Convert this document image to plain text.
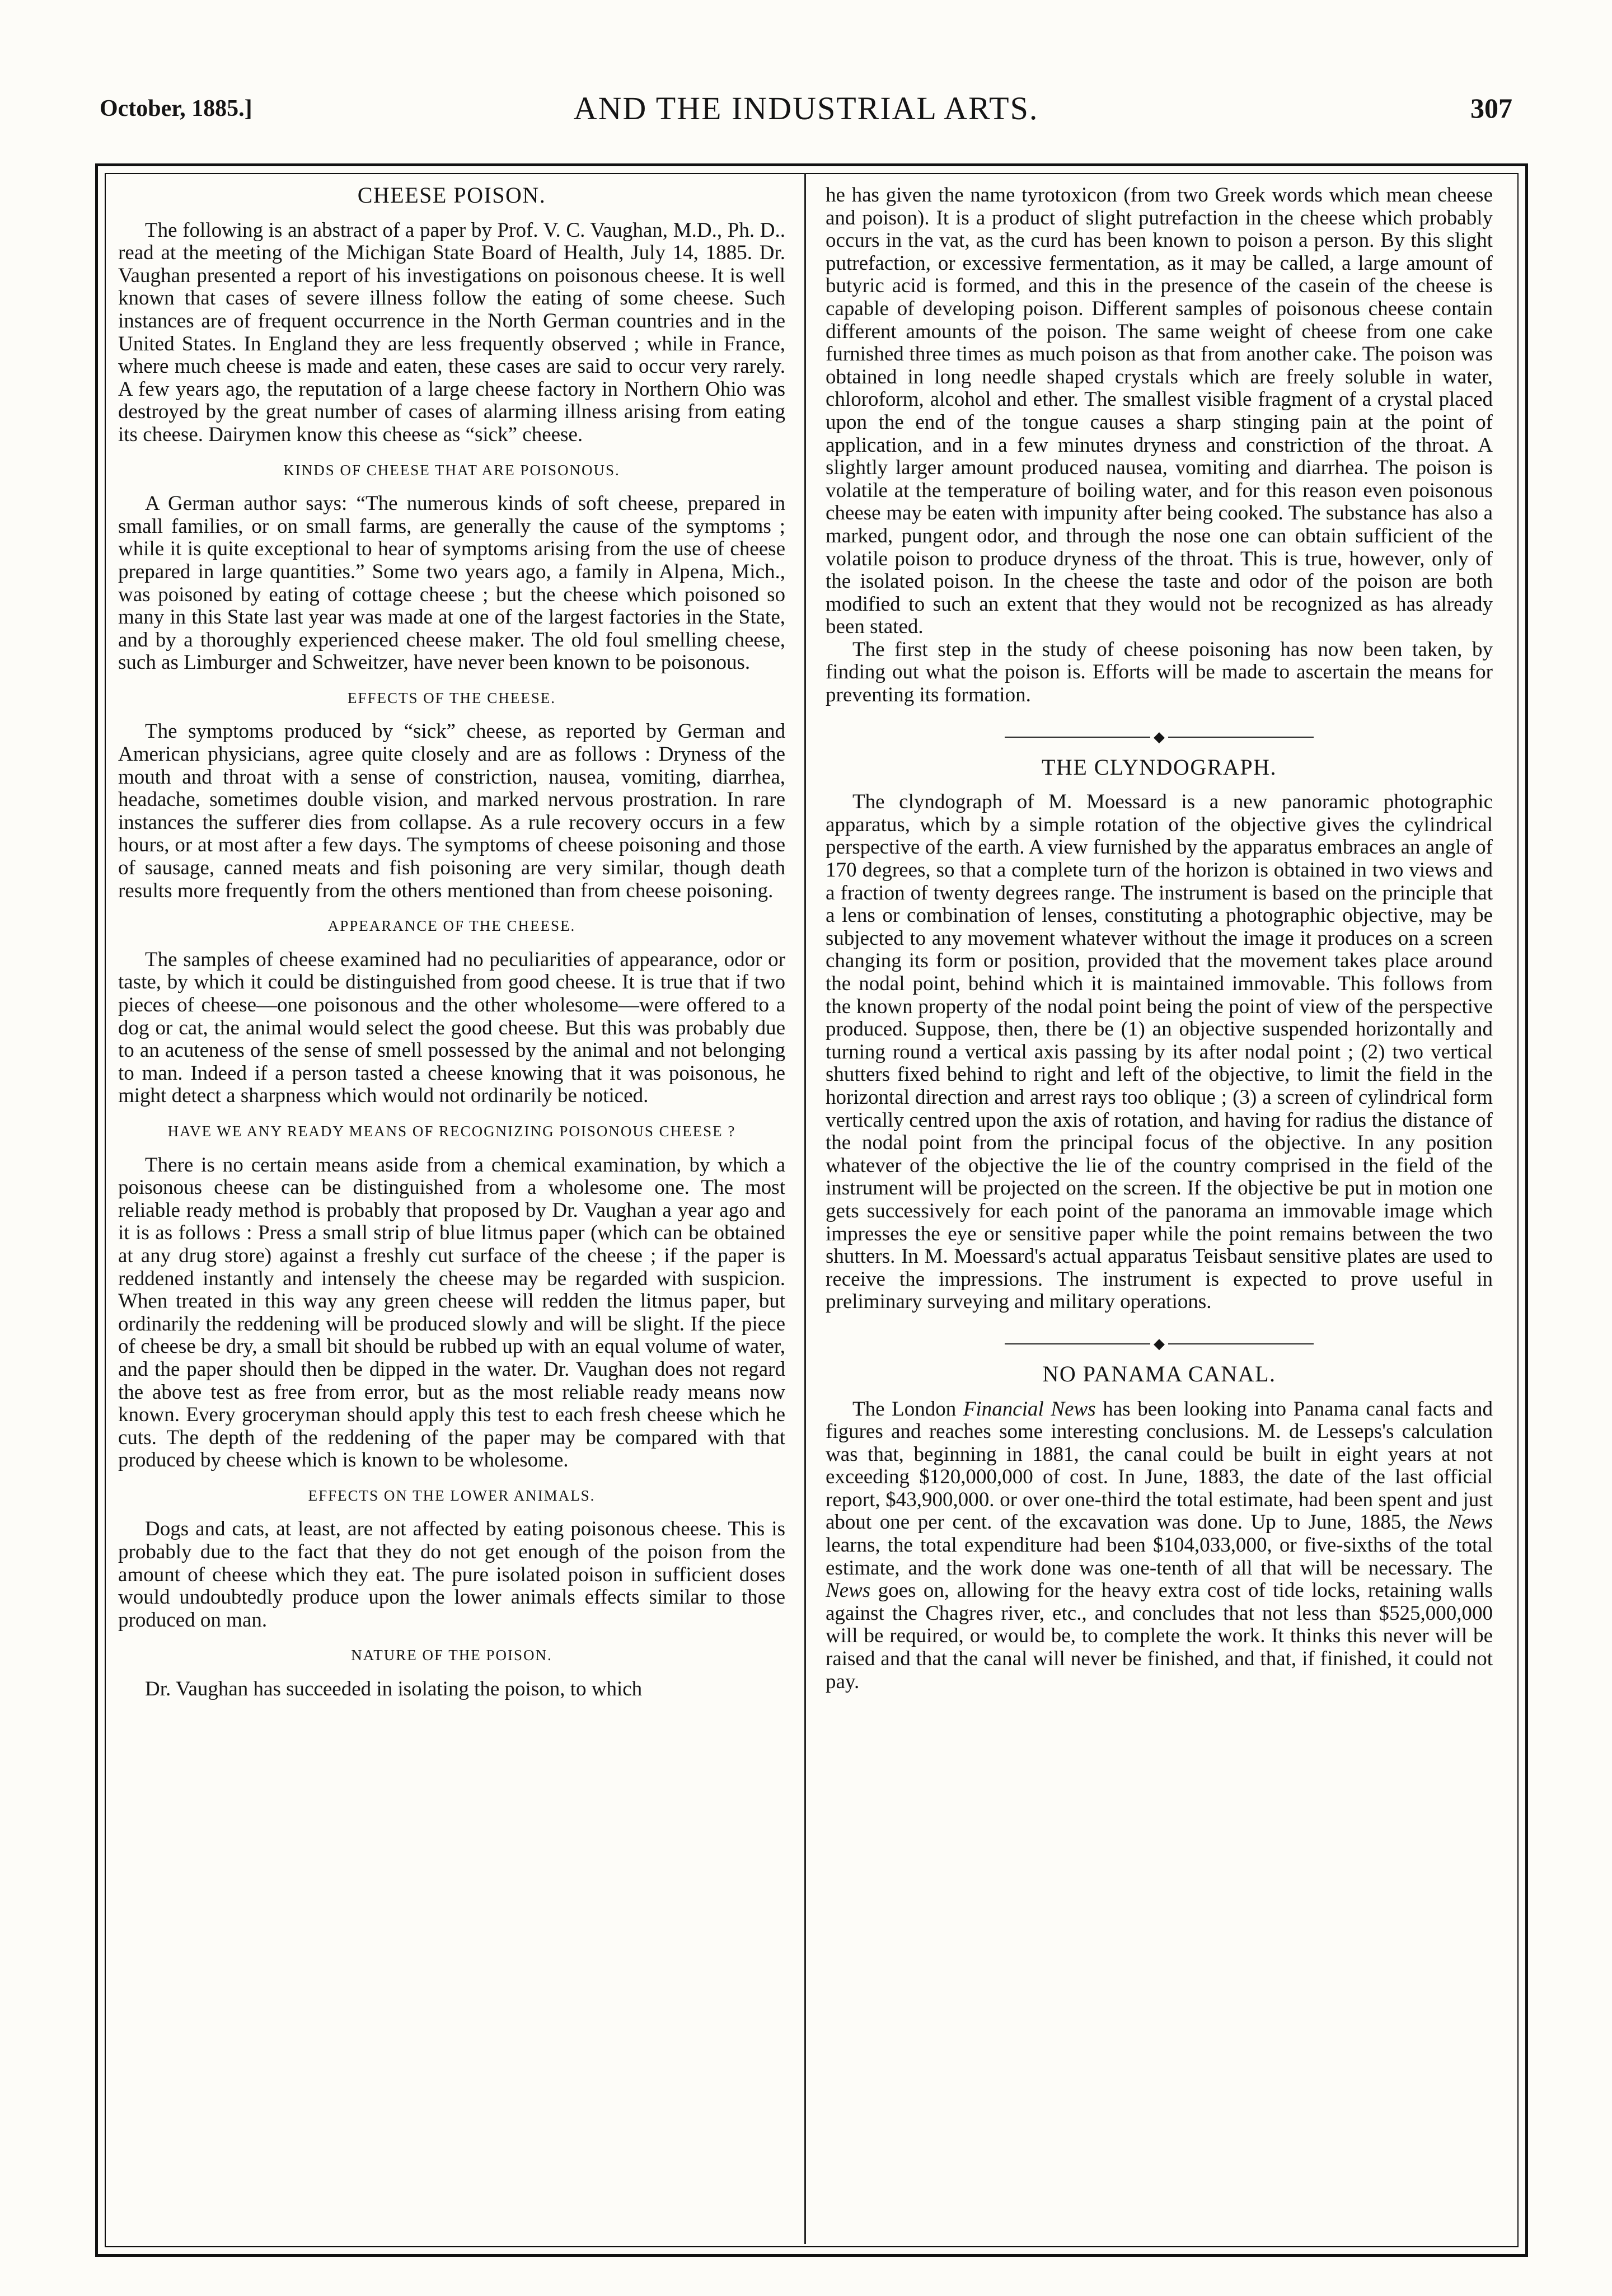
October, 1885.]	AND THE INDUSTRIAL ARTS.	307
CHEESE POISON.

The following is an abstract of a paper by Prof. V. C. Vaughan, M.D., Ph. D.. read at the meeting of the Michigan State Board of Health, July 14, 1885. Dr. Vaughan presented a report of his investigations on poisonous cheese. It is well known that cases of severe illness follow the eating of some cheese. Such instances are of frequent occurrence in the North German countries and in the United States. In England they are less frequently observed ; while in France, where much cheese is made and eaten, these cases are said to occur very rarely. A few years ago, the reputation of a large cheese factory in Northern Ohio was destroyed by the great number of cases of alarming illness arising from eating its cheese. Dairymen know this cheese as “sick” cheese.

KINDS OF CHEESE THAT ARE POISONOUS.

A German author says: “The numerous kinds of soft cheese, prepared in small families, or on small farms, are generally the cause of the symptoms ; while it is quite exceptional to hear of symptoms arising from the use of cheese prepared in large quantities.” Some two years ago, a family in Alpena, Mich., was poisoned by eating of cottage cheese ; but the cheese which poisoned so many in this State last year was made at one of the largest factories in the State, and by a thoroughly experienced cheese maker. The old foul smelling cheese, such as Limburger and Schweitzer, have never been known to be poisonous.

EFFECTS OF THE CHEESE.

The symptoms produced by “sick” cheese, as reported by German and American physicians, agree quite closely and are as follows : Dryness of the mouth and throat with a sense of constriction, nausea, vomiting, diarrhea, headache, sometimes double vision, and marked nervous prostration. In rare instances the sufferer dies from collapse. As a rule recovery occurs in a few hours, or at most after a few days. The symptoms of cheese poisoning and those of sausage, canned meats and fish poisoning are very similar, though death results more frequently from the others mentioned than from cheese poisoning.

APPEARANCE OF THE CHEESE.

The samples of cheese examined had no peculiarities of appearance, odor or taste, by which it could be distinguished from good cheese. It is true that if two pieces of cheese—one poisonous and the other wholesome—were offered to a dog or cat, the animal would select the good cheese. But this was probably due to an acuteness of the sense of smell possessed by the animal and not belonging to man. Indeed if a person tasted a cheese knowing that it was poisonous, he might detect a sharpness which would not ordinarily be noticed.

HAVE WE ANY READY MEANS OF RECOGNIZING POISONOUS CHEESE ?

There is no certain means aside from a chemical examination, by which a poisonous cheese can be distinguished from a wholesome one. The most reliable ready method is probably that proposed by Dr. Vaughan a year ago and it is as follows : Press a small strip of blue litmus paper (which can be obtained at any drug store) against a freshly cut surface of the cheese ; if the paper is reddened instantly and intensely the cheese may be regarded with suspicion. When treated in this way any green cheese will redden the litmus paper, but ordinarily the reddening will be produced slowly and will be slight. If the piece of cheese be dry, a small bit should be rubbed up with an equal volume of water, and the paper should then be dipped in the water. Dr. Vaughan does not regard the above test as free from error, but as the most reliable ready means now known. Every groceryman should apply this test to each fresh cheese which he cuts. The depth of the reddening of the paper may be compared with that produced by cheese which is known to be wholesome.

EFFECTS ON THE LOWER ANIMALS.

Dogs and cats, at least, are not affected by eating poisonous cheese. This is probably due to the fact that they do not get enough of the poison from the amount of cheese which they eat. The pure isolated poison in sufficient doses would undoubtedly produce upon the lower animals effects similar to those produced on man.

NATURE OF THE POISON.

Dr. Vaughan has succeeded in isolating the poison, to which

he has given the name tyrotoxicon (from two Greek words which mean cheese and poison). It is a product of slight putrefaction in the cheese which probably occurs in the vat, as the curd has been known to poison a person. By this slight putrefaction, or excessive fermentation, as it may be called, a large amount of butyric acid is formed, and this in the presence of the casein of the cheese is capable of developing poison. Different samples of poisonous cheese contain different amounts of the poison. The same weight of cheese from one cake furnished three times as much poison as that from another cake. The poison was obtained in long needle shaped crystals which are freely soluble in water, chloroform, alcohol and ether. The smallest visible fragment of a crystal placed upon the end of the tongue causes a sharp stinging pain at the point of application, and in a few minutes dryness and constriction of the throat. A slightly larger amount produced nausea, vomiting and diarrhea. The poison is volatile at the temperature of boiling water, and for this reason even poisonous cheese may be eaten with impunity after being cooked. The substance has also a marked, pungent odor, and through the nose one can obtain sufficient of the volatile poison to produce dryness of the throat. This is true, however, only of the isolated poison. In the cheese the taste and odor of the poison are both modified to such an extent that they would not be recognized as has already been stated.

The first step in the study of cheese poisoning has now been taken, by finding out what the poison is. Efforts will be made to ascertain the means for preventing its formation.

◆
THE CLYNDOGRAPH.

The clyndograph of M. Moessard is a new panoramic photographic apparatus, which by a simple rotation of the objective gives the cylindrical perspective of the earth. A view furnished by the apparatus embraces an angle of 170 degrees, so that a complete turn of the horizon is obtained in two views and a fraction of twenty degrees range. The instrument is based on the principle that a lens or combination of lenses, constituting a photographic objective, may be subjected to any movement whatever without the image it produces on a screen changing its form or position, provided that the movement takes place around the nodal point, behind which it is maintained immovable. This follows from the known property of the nodal point being the point of view of the perspective produced. Suppose, then, there be (1) an objective suspended horizontally and turning round a vertical axis passing by its after nodal point ; (2) two vertical shutters fixed behind to right and left of the objective, to limit the field in the horizontal direction and arrest rays too oblique ; (3) a screen of cylindrical form vertically centred upon the axis of rotation, and having for radius the distance of the nodal point from the principal focus of the objective. In any position whatever of the objective the lie of the country comprised in the field of the instrument will be projected on the screen. If the objective be put in motion one gets successively for each point of the panorama an immovable image which impresses the eye or sensitive paper while the point remains between the two shutters. In M. Moessard's actual apparatus Teisbaut sensitive plates are used to receive the impressions. The instrument is expected to prove useful in preliminary surveying and military operations.

◆
NO PANAMA CANAL.

The London Financial News has been looking into Panama canal facts and figures and reaches some interesting conclusions. M. de Lesseps's calculation was that, beginning in 1881, the canal could be built in eight years at not exceeding $120,000,000 of cost. In June, 1883, the date of the last official report, $43,900,000. or over one-third the total estimate, had been spent and just about one per cent. of the excavation was done. Up to June, 1885, the News learns, the total expenditure had been $104,033,000, or five-sixths of the total estimate, and the work done was one-tenth of all that will be necessary. The News goes on, allowing for the heavy extra cost of tide locks, retaining walls against the Chagres river, etc., and concludes that not less than $525,000,000 will be required, or would be, to complete the work. It thinks this never will be raised and that the canal will never be finished, and that, if finished, it could not pay.
